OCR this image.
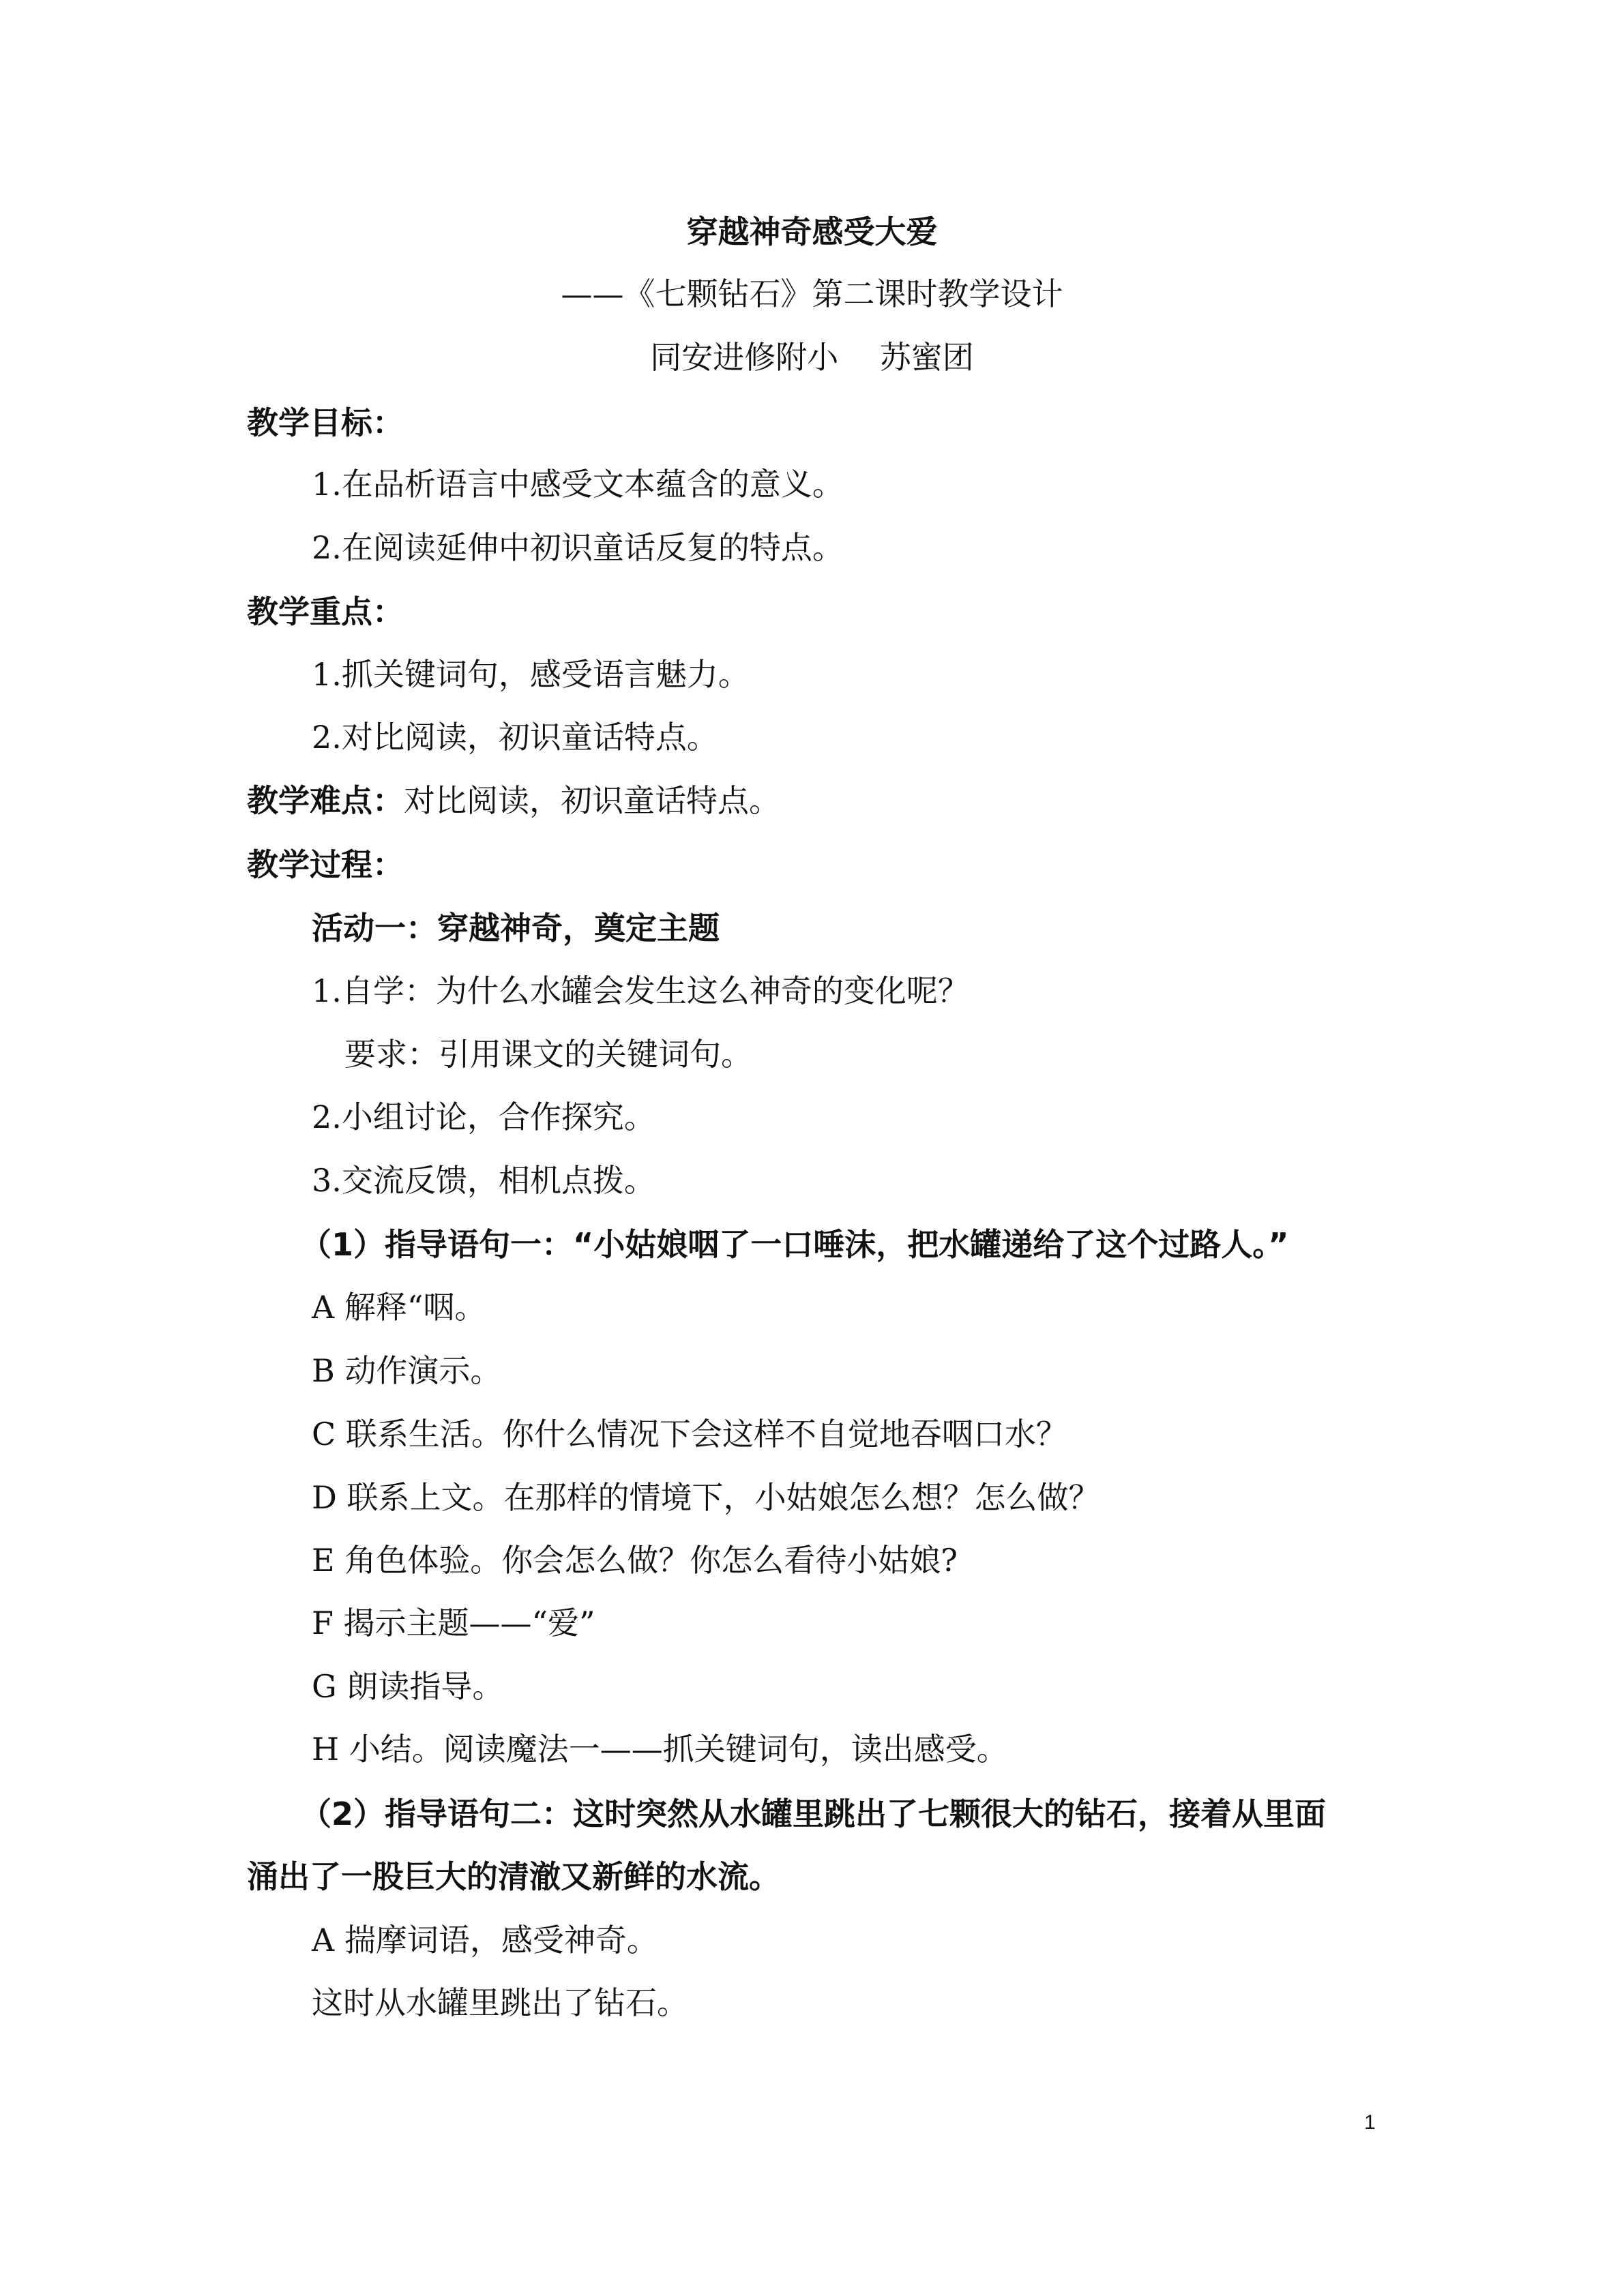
穿越神奇感受大爱
——《七颗钻石》第二课时教学设计
同安进修附小　 苏蜜团
教学目标：
1.在品析语言中感受文本蕴含的意义。
2.在阅读延伸中初识童话反复的特点。
教学重点：
1.抓关键词句，感受语言魅力。
2.对比阅读，初识童话特点。
教学难点：对比阅读，初识童话特点。
教学过程：
活动一：穿越神奇，奠定主题
1.自学：为什么水罐会发生这么神奇的变化呢？
要求：引用课文的关键词句。
2.小组讨论，合作探究。
3.交流反馈，相机点拨。
（1）指导语句一：“小姑娘咽了一口唾沫，把水罐递给了这个过路人。”
A 解释“咽。
B 动作演示。
C 联系生活。你什么情况下会这样不自觉地吞咽口水？
D 联系上文。在那样的情境下，小姑娘怎么想？怎么做？
E 角色体验。你会怎么做？你怎么看待小姑娘?
F 揭示主题——“爱”
G 朗读指导。
H 小结。阅读魔法一——抓关键词句，读出感受。
（2）指导语句二：这时突然从水罐里跳出了七颗很大的钻石，接着从里面
涌出了一股巨大的清澈又新鲜的水流。
A 揣摩词语，感受神奇。
这时从水罐里跳出了钻石。
1
